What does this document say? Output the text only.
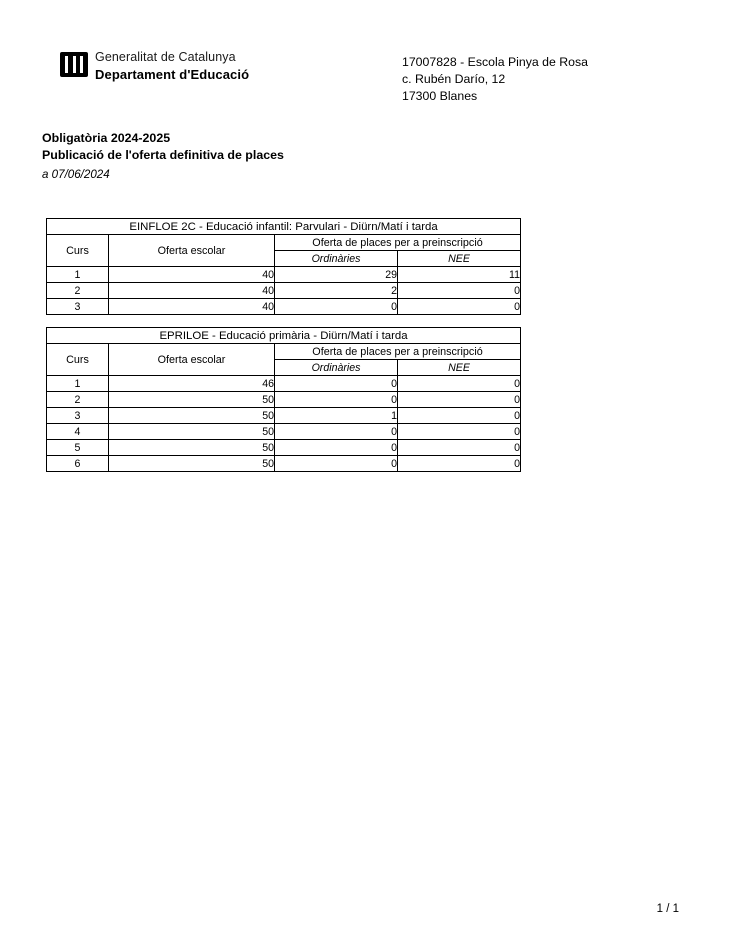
Generalitat de Catalunya
Departament d'Educació
17007828 - Escola Pinya de Rosa
c. Rubén Darío, 12
17300 Blanes
Obligatòria 2024-2025
Publicació de l'oferta definitiva de places
a 07/06/2024
EINFLOE 2C - Educació infantil: Parvulari - Diürn/Matí i tarda			
Curs	Oferta escolar	Oferta de places per a preinscripció	
		Ordinàries	NEE
1	40	29	11
2	40	2	0
3	40	0	0
EPRILOE - Educació primària - Diürn/Matí i tarda			
Curs	Oferta escolar	Oferta de places per a preinscripció	
		Ordinàries	NEE
1	46	0	0
2	50	0	0
3	50	1	0
4	50	0	0
5	50	0	0
6	50	0	0
1 / 1
